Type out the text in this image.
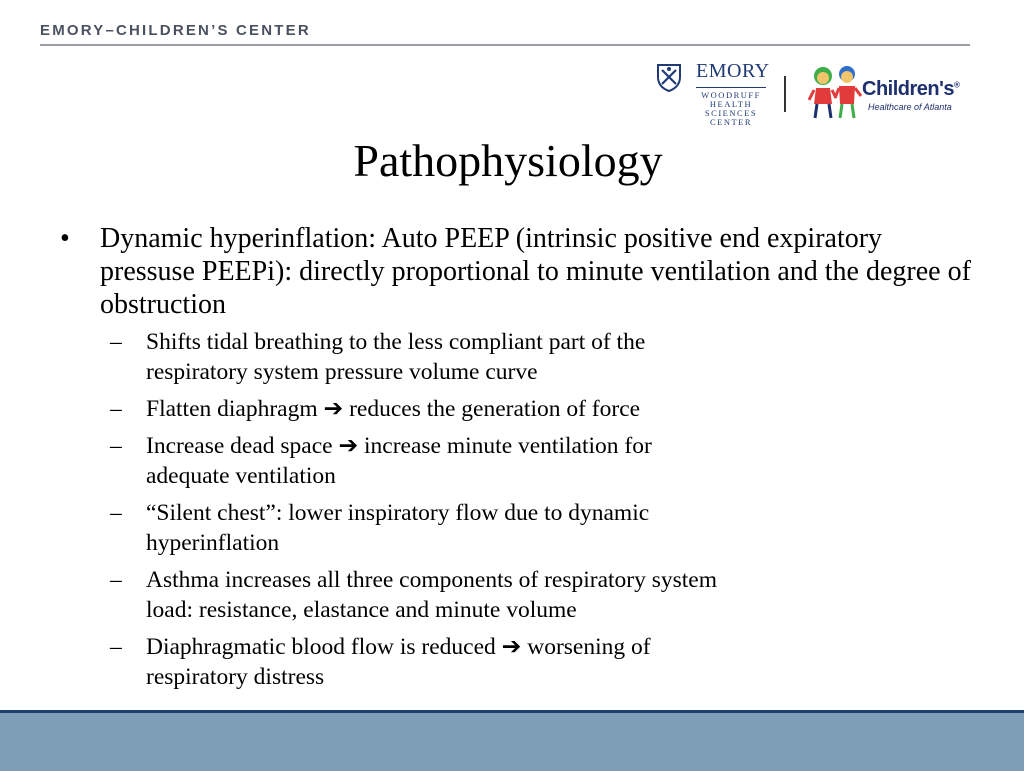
EMORY–CHILDREN’S CENTER
EMORY
WOODRUFF
HEALTH
SCIENCES
CENTER
Children's®
Healthcare of Atlanta
Pathophysiology
• Dynamic hyperinflation: Auto PEEP (intrinsic positive end expiratory pressuse PEEPi): directly proportional to minute ventilation and the degree of obstruction
– Shifts tidal breathing to the less compliant part of the
respiratory system pressure volume curve
– Flatten diaphragm ➔ reduces the generation of force
– Increase dead space ➔ increase minute ventilation for
adequate ventilation
– “Silent chest”: lower inspiratory flow due to dynamic
hyperinflation
– Asthma increases all three components of respiratory system
load: resistance, elastance and minute volume
– Diaphragmatic blood flow is reduced ➔ worsening of
respiratory distress
